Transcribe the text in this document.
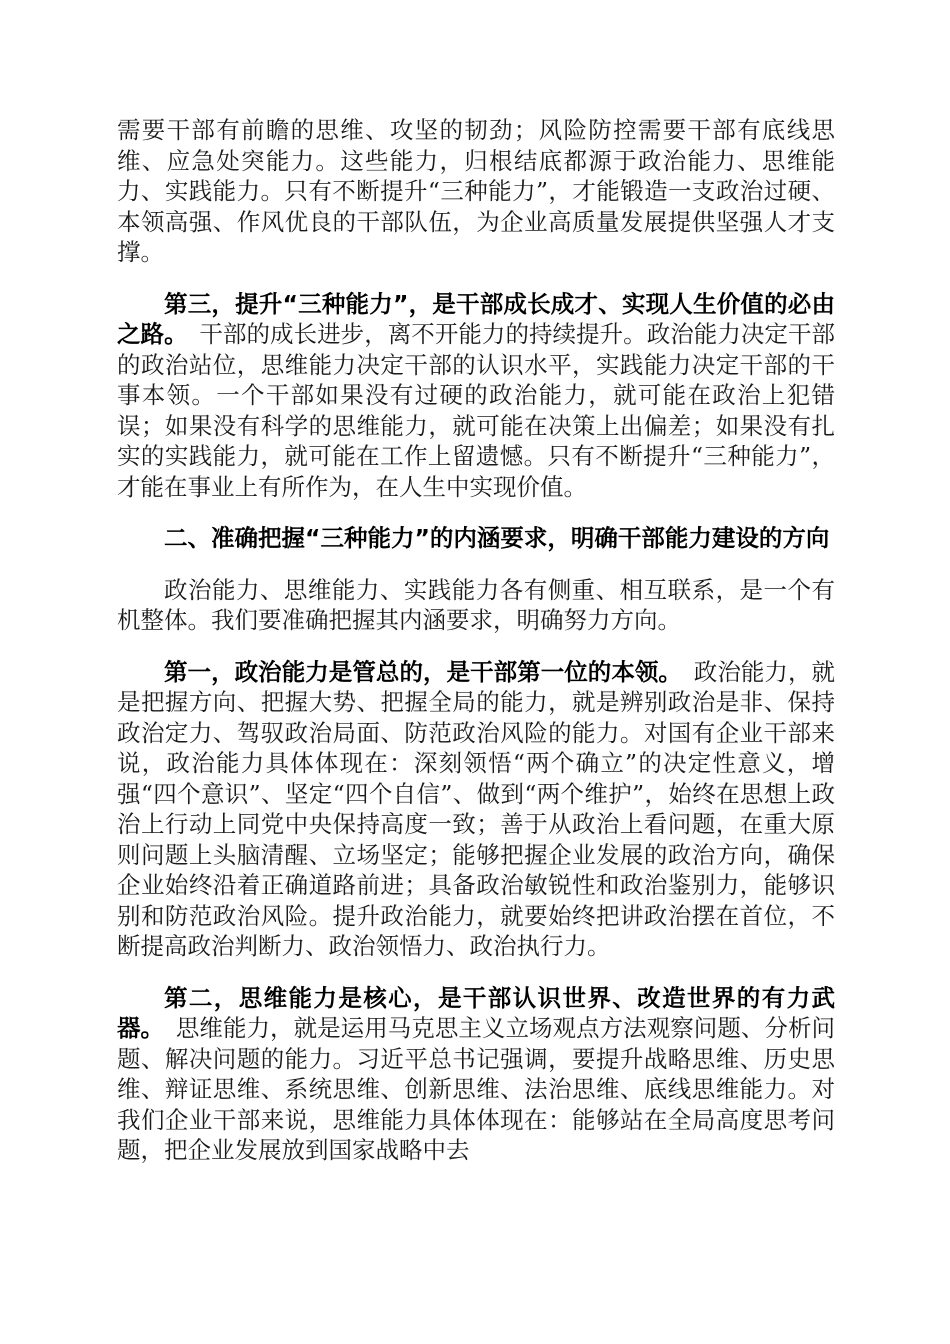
需要干部有前瞻的思维、攻坚的韧劲；风险防控需要干部有底线思维、应急处突能力。这些能力，归根结底都源于政治能力、思维能力、实践能力。只有不断提升“三种能力”，才能锻造一支政治过硬、本领高强、作风优良的干部队伍，为企业高质量发展提供坚强人才支撑。

第三，提升“三种能力”，是干部成长成才、实现人生价值的必由之路。 干部的成长进步，离不开能力的持续提升。政治能力决定干部的政治站位，思维能力决定干部的认识水平，实践能力决定干部的干事本领。一个干部如果没有过硬的政治能力，就可能在政治上犯错误；如果没有科学的思维能力，就可能在决策上出偏差；如果没有扎实的实践能力，就可能在工作上留遗憾。只有不断提升“三种能力”，才能在事业上有所作为，在人生中实现价值。

二、准确把握“三种能力”的内涵要求，明确干部能力建设的方向

政治能力、思维能力、实践能力各有侧重、相互联系，是一个有机整体。我们要准确把握其内涵要求，明确努力方向。

第一，政治能力是管总的，是干部第一位的本领。 政治能力，就是把握方向、把握大势、把握全局的能力，就是辨别政治是非、保持政治定力、驾驭政治局面、防范政治风险的能力。对国有企业干部来说，政治能力具体体现在：深刻领悟“两个确立”的决定性意义，增强“四个意识”、坚定“四个自信”、做到“两个维护”，始终在思想上政治上行动上同党中央保持高度一致；善于从政治上看问题，在重大原则问题上头脑清醒、立场坚定；能够把握企业发展的政治方向，确保企业始终沿着正确道路前进；具备政治敏锐性和政治鉴别力，能够识别和防范政治风险。提升政治能力，就要始终把讲政治摆在首位，不断提高政治判断力、政治领悟力、政治执行力。

第二，思维能力是核心，是干部认识世界、改造世界的有力武器。 思维能力，就是运用马克思主义立场观点方法观察问题、分析问题、解决问题的能力。习近平总书记强调，要提升战略思维、历史思维、辩证思维、系统思维、创新思维、法治思维、底线思维能力。对我们企业干部来说，思维能力具体体现在：能够站在全局高度思考问题，把企业发展放到国家战略中去
